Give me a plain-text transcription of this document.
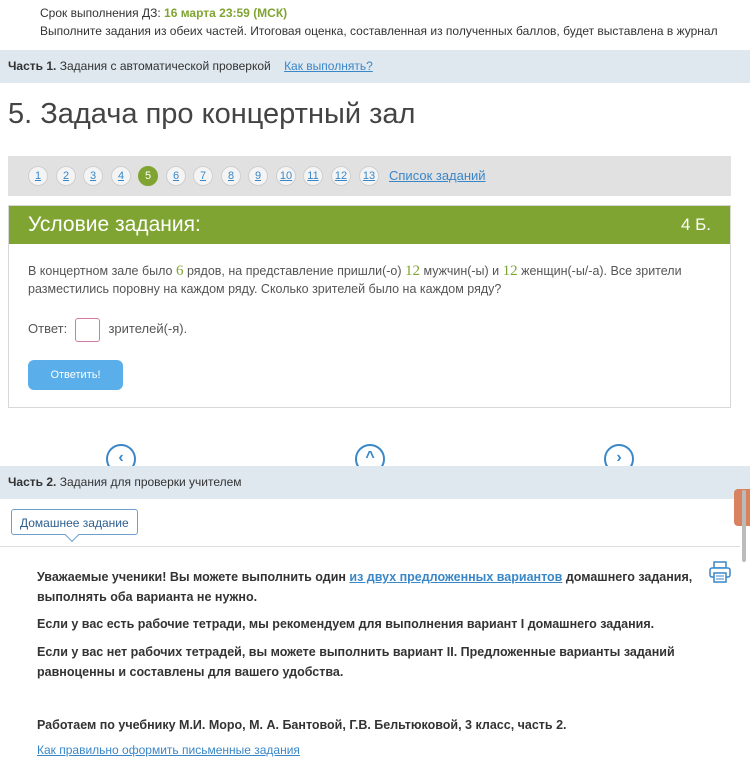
Срок выполнения ДЗ: 16 марта 23:59 (МСК)
Выполните задания из обеих частей. Итоговая оценка, составленная из полученных баллов, будет выставлена в журнал
Часть 1. Задания с автоматической проверкой Как выполнять?
5. Задача про концертный зал
1	2	3	4	5	6	7	8	9	10	11	12	13 Список заданий
Условие задания:	4 Б.
В концертном зале было 6 рядов, на представление пришли(-о) 12 мужчин(-ы) и 12 женщин(-ы/-а). Все зрители разместились поровну на каждом ряду. Сколько зрителей было на каждом ряду?
Ответ:	зрителей(-я).
Ответить!
‹	^	›
Часть 2. Задания для проверки учителем
Домашнее задание

Уважаемые ученики! Вы можете выполнить один из двух предложенных вариантов домашнего задания, выполнять оба варианта не нужно.

Если у вас есть рабочие тетради, мы рекомендуем для выполнения вариант I домашнего задания.

Если у вас нет рабочих тетрадей, вы можете выполнить вариант II. Предложенные варианты заданий равноценны и составлены для вашего удобства.

Работаем по учебнику М.И. Моро, М. А. Бантовой, Г.В. Бельтюковой, 3 класс, часть 2.

Как правильно оформить письменные задания
